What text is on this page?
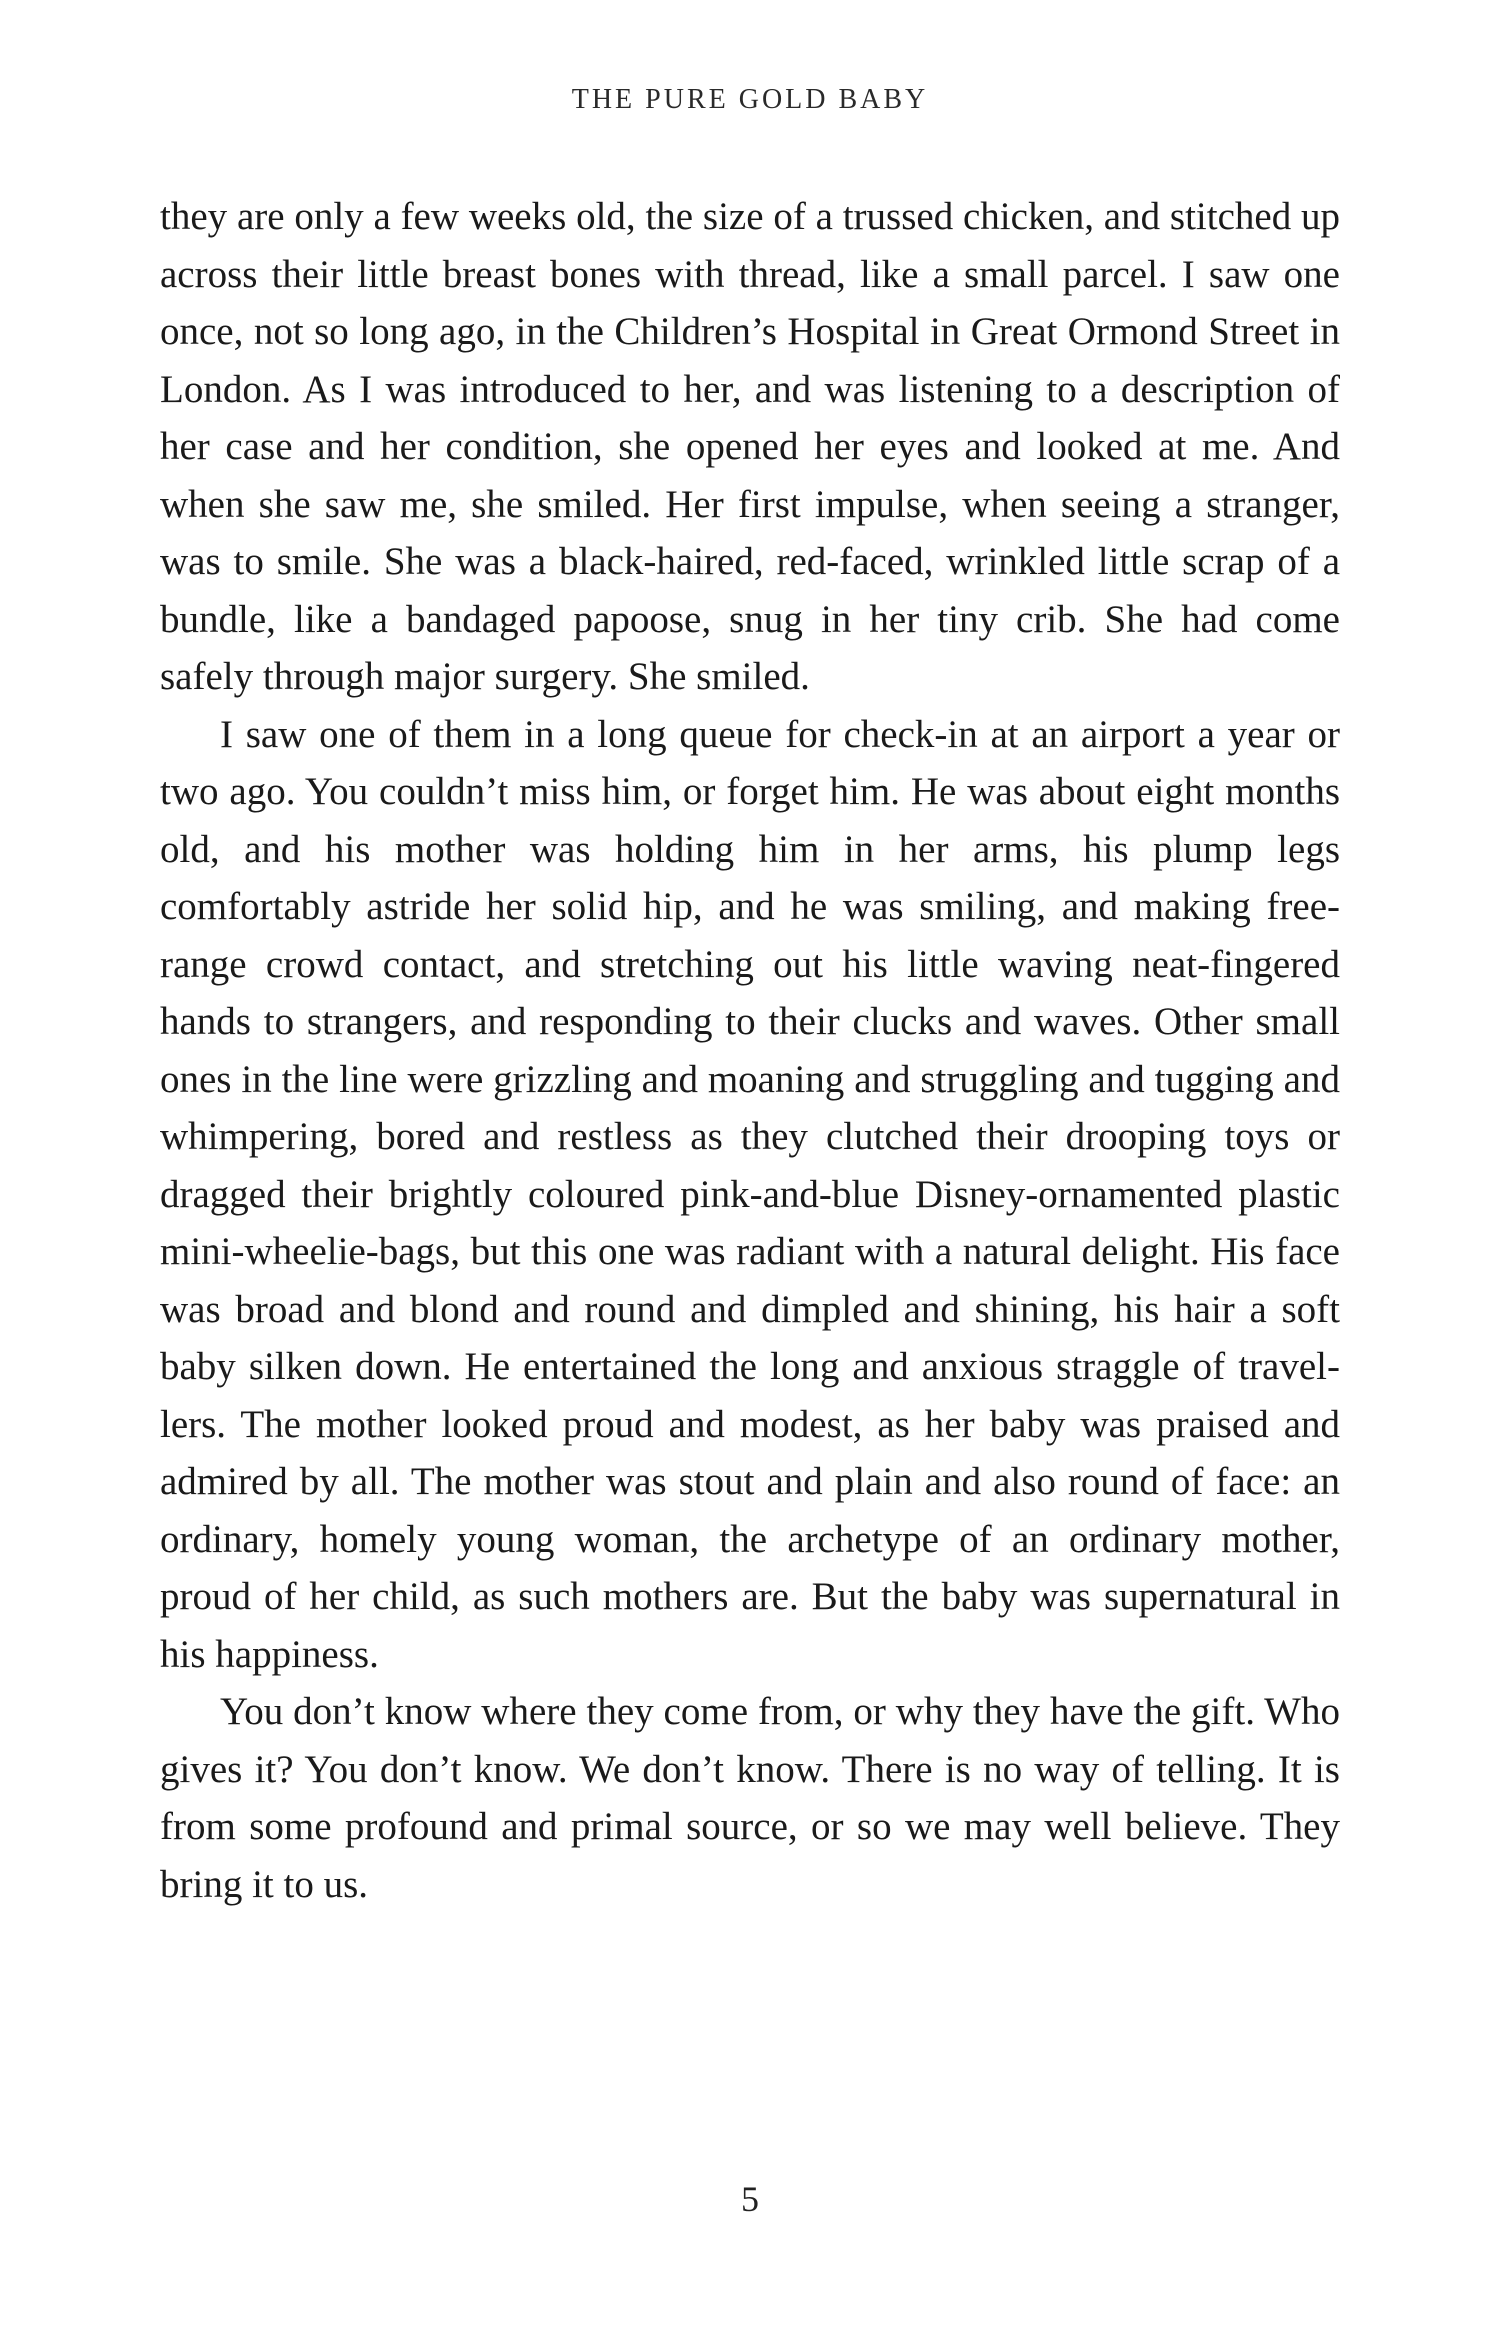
THE PURE GOLD BABY

they are only a few weeks old, the size of a trussed chicken, and stitched up across their little breast bones with thread, like a small parcel. I saw one once, not so long ago, in the Children’s Hospital in Great Ormond Street in London. As I was introduced to her, and was listening to a description of her case and her condition, she opened her eyes and looked at me. And when she saw me, she smiled. Her first impulse, when seeing a stranger, was to smile. She was a black-haired, red-faced, wrinkled little scrap of a bundle, like a bandaged papoose, snug in her tiny crib. She had come safely through major surgery. She smiled.

I saw one of them in a long queue for check-in at an airport a year or two ago. You couldn’t miss him, or forget him. He was about eight months old, and his mother was holding him in her arms, his plump legs comfortably astride her solid hip, and he was smiling, and making free-range crowd contact, and stretching out his little waving neat-fingered hands to strangers, and responding to their clucks and waves. Other small ones in the line were grizzling and moaning and struggling and tugging and whimpering, bored and restless as they clutched their drooping toys or dragged their brightly coloured pink-and-blue Disney-ornamented plastic mini-wheelie-bags, but this one was radiant with a natural delight. His face was broad and blond and round and dimpled and shining, his hair a soft baby silken down. He entertained the long and anxious straggle of travellers. The mother looked proud and modest, as her baby was praised and admired by all. The mother was stout and plain and also round of face: an ordinary, homely young woman, the archetype of an ordinary mother, proud of her child, as such mothers are. But the baby was supernatural in his happiness.

You don’t know where they come from, or why they have the gift. Who gives it? You don’t know. We don’t know. There is no way of telling. It is from some profound and primal source, or so we may well believe. They bring it to us.

5
